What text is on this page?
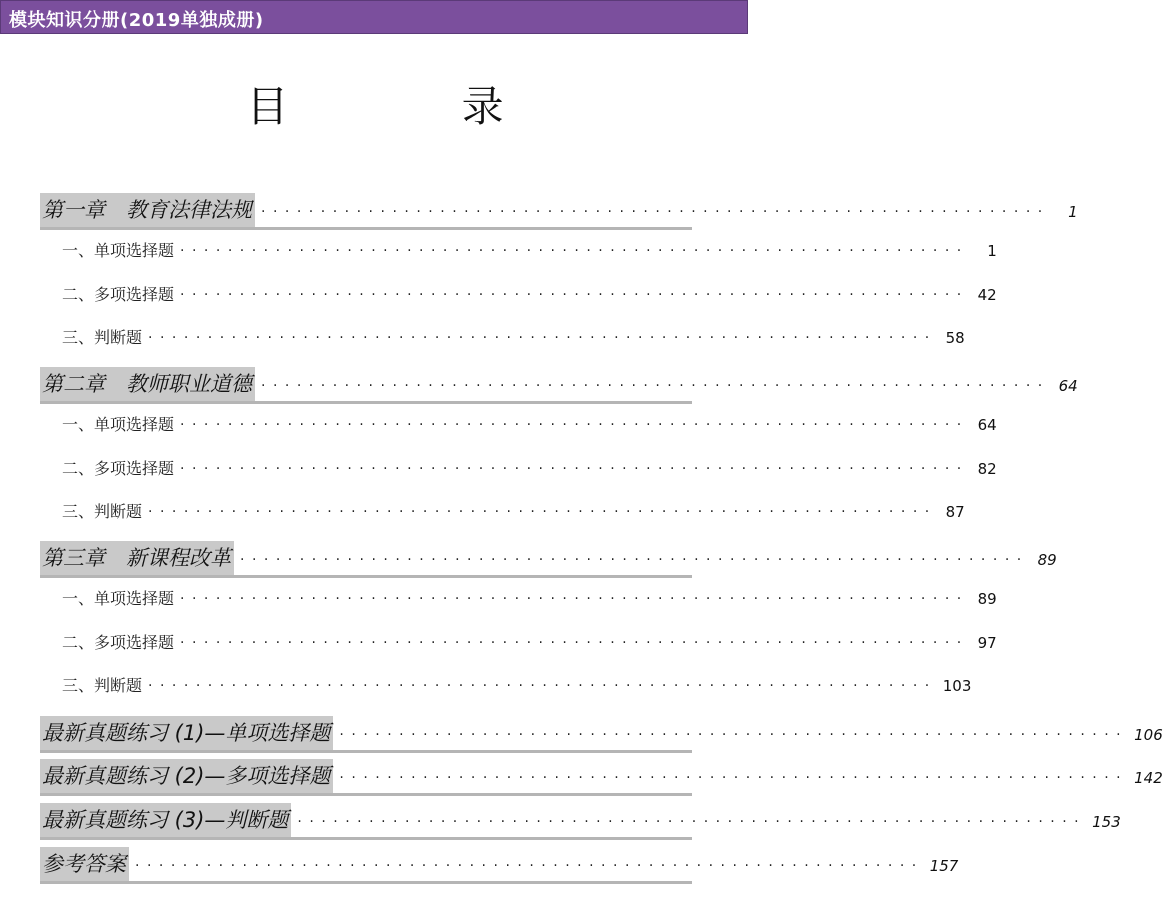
模块知识分册(2019单独成册)
目 录
第一章　教育法律法规 ··································································	1
一、单项选择题 ··································································	1
二、多项选择题 ·································································· 42
三、判断题 ·································································· 58
第二章　教师职业道德 ·································································· 64
一、单项选择题 ·································································· 64
二、多项选择题 ·································································· 82
三、判断题 ·································································· 87
第三章　新课程改革 ·································································· 89
一、单项选择题 ·································································· 89
二、多项选择题 ·································································· 97
三、判断题 ·································································· 103
最新真题练习 (1)—单项选择题 ·································································· 106
最新真题练习 (2)—多项选择题 ·································································· 142
最新真题练习 (3)—判断题 ·································································· 153
参考答案 ·································································· 157
